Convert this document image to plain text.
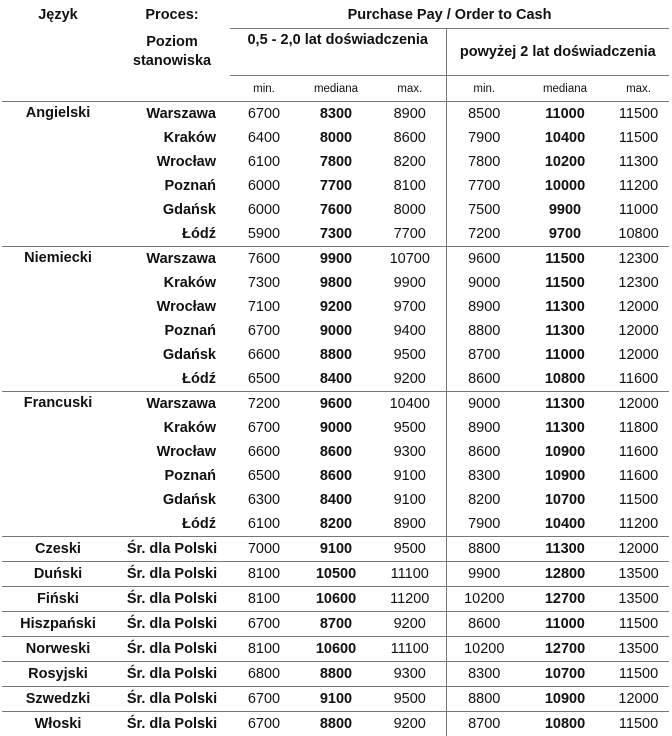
Język	Proces:	Purchase Pay / Order to Cash					
	Poziom stanowiska	0,5 - 2,0 lat doświadczenia			powyżej 2 lat doświadczenia		
		min.	mediana	max.	min.	mediana	max.
Angielski	Warszawa	6700	8300	8900	8500	11000	11500
	Kraków	6400	8000	8600	7900	10400	11500
	Wrocław	6100	7800	8200	7800	10200	11300
	Poznań	6000	7700	8100	7700	10000	11200
	Gdańsk	6000	7600	8000	7500	9900	11000
	Łódź	5900	7300	7700	7200	9700	10800
Niemiecki	Warszawa	7600	9900	10700	9600	11500	12300
	Kraków	7300	9800	9900	9000	11500	12300
	Wrocław	7100	9200	9700	8900	11300	12000
	Poznań	6700	9000	9400	8800	11300	12000
	Gdańsk	6600	8800	9500	8700	11000	12000
	Łódź	6500	8400	9200	8600	10800	11600
Francuski	Warszawa	7200	9600	10400	9000	11300	12000
	Kraków	6700	9000	9500	8900	11300	11800
	Wrocław	6600	8600	9300	8600	10900	11600
	Poznań	6500	8600	9100	8300	10900	11600
	Gdańsk	6300	8400	9100	8200	10700	11500
	Łódź	6100	8200	8900	7900	10400	11200
Czeski	Śr. dla Polski	7000	9100	9500	8800	11300	12000
Duński	Śr. dla Polski	8100	10500	11100	9900	12800	13500
Fiński	Śr. dla Polski	8100	10600	11200	10200	12700	13500
Hiszpański	Śr. dla Polski	6700	8700	9200	8600	11000	11500
Norweski	Śr. dla Polski	8100	10600	11100	10200	12700	13500
Rosyjski	Śr. dla Polski	6800	8800	9300	8300	10700	11500
Szwedzki	Śr. dla Polski	6700	9100	9500	8800	10900	12000
Włoski	Śr. dla Polski	6700	8800	9200	8700	10800	11500
